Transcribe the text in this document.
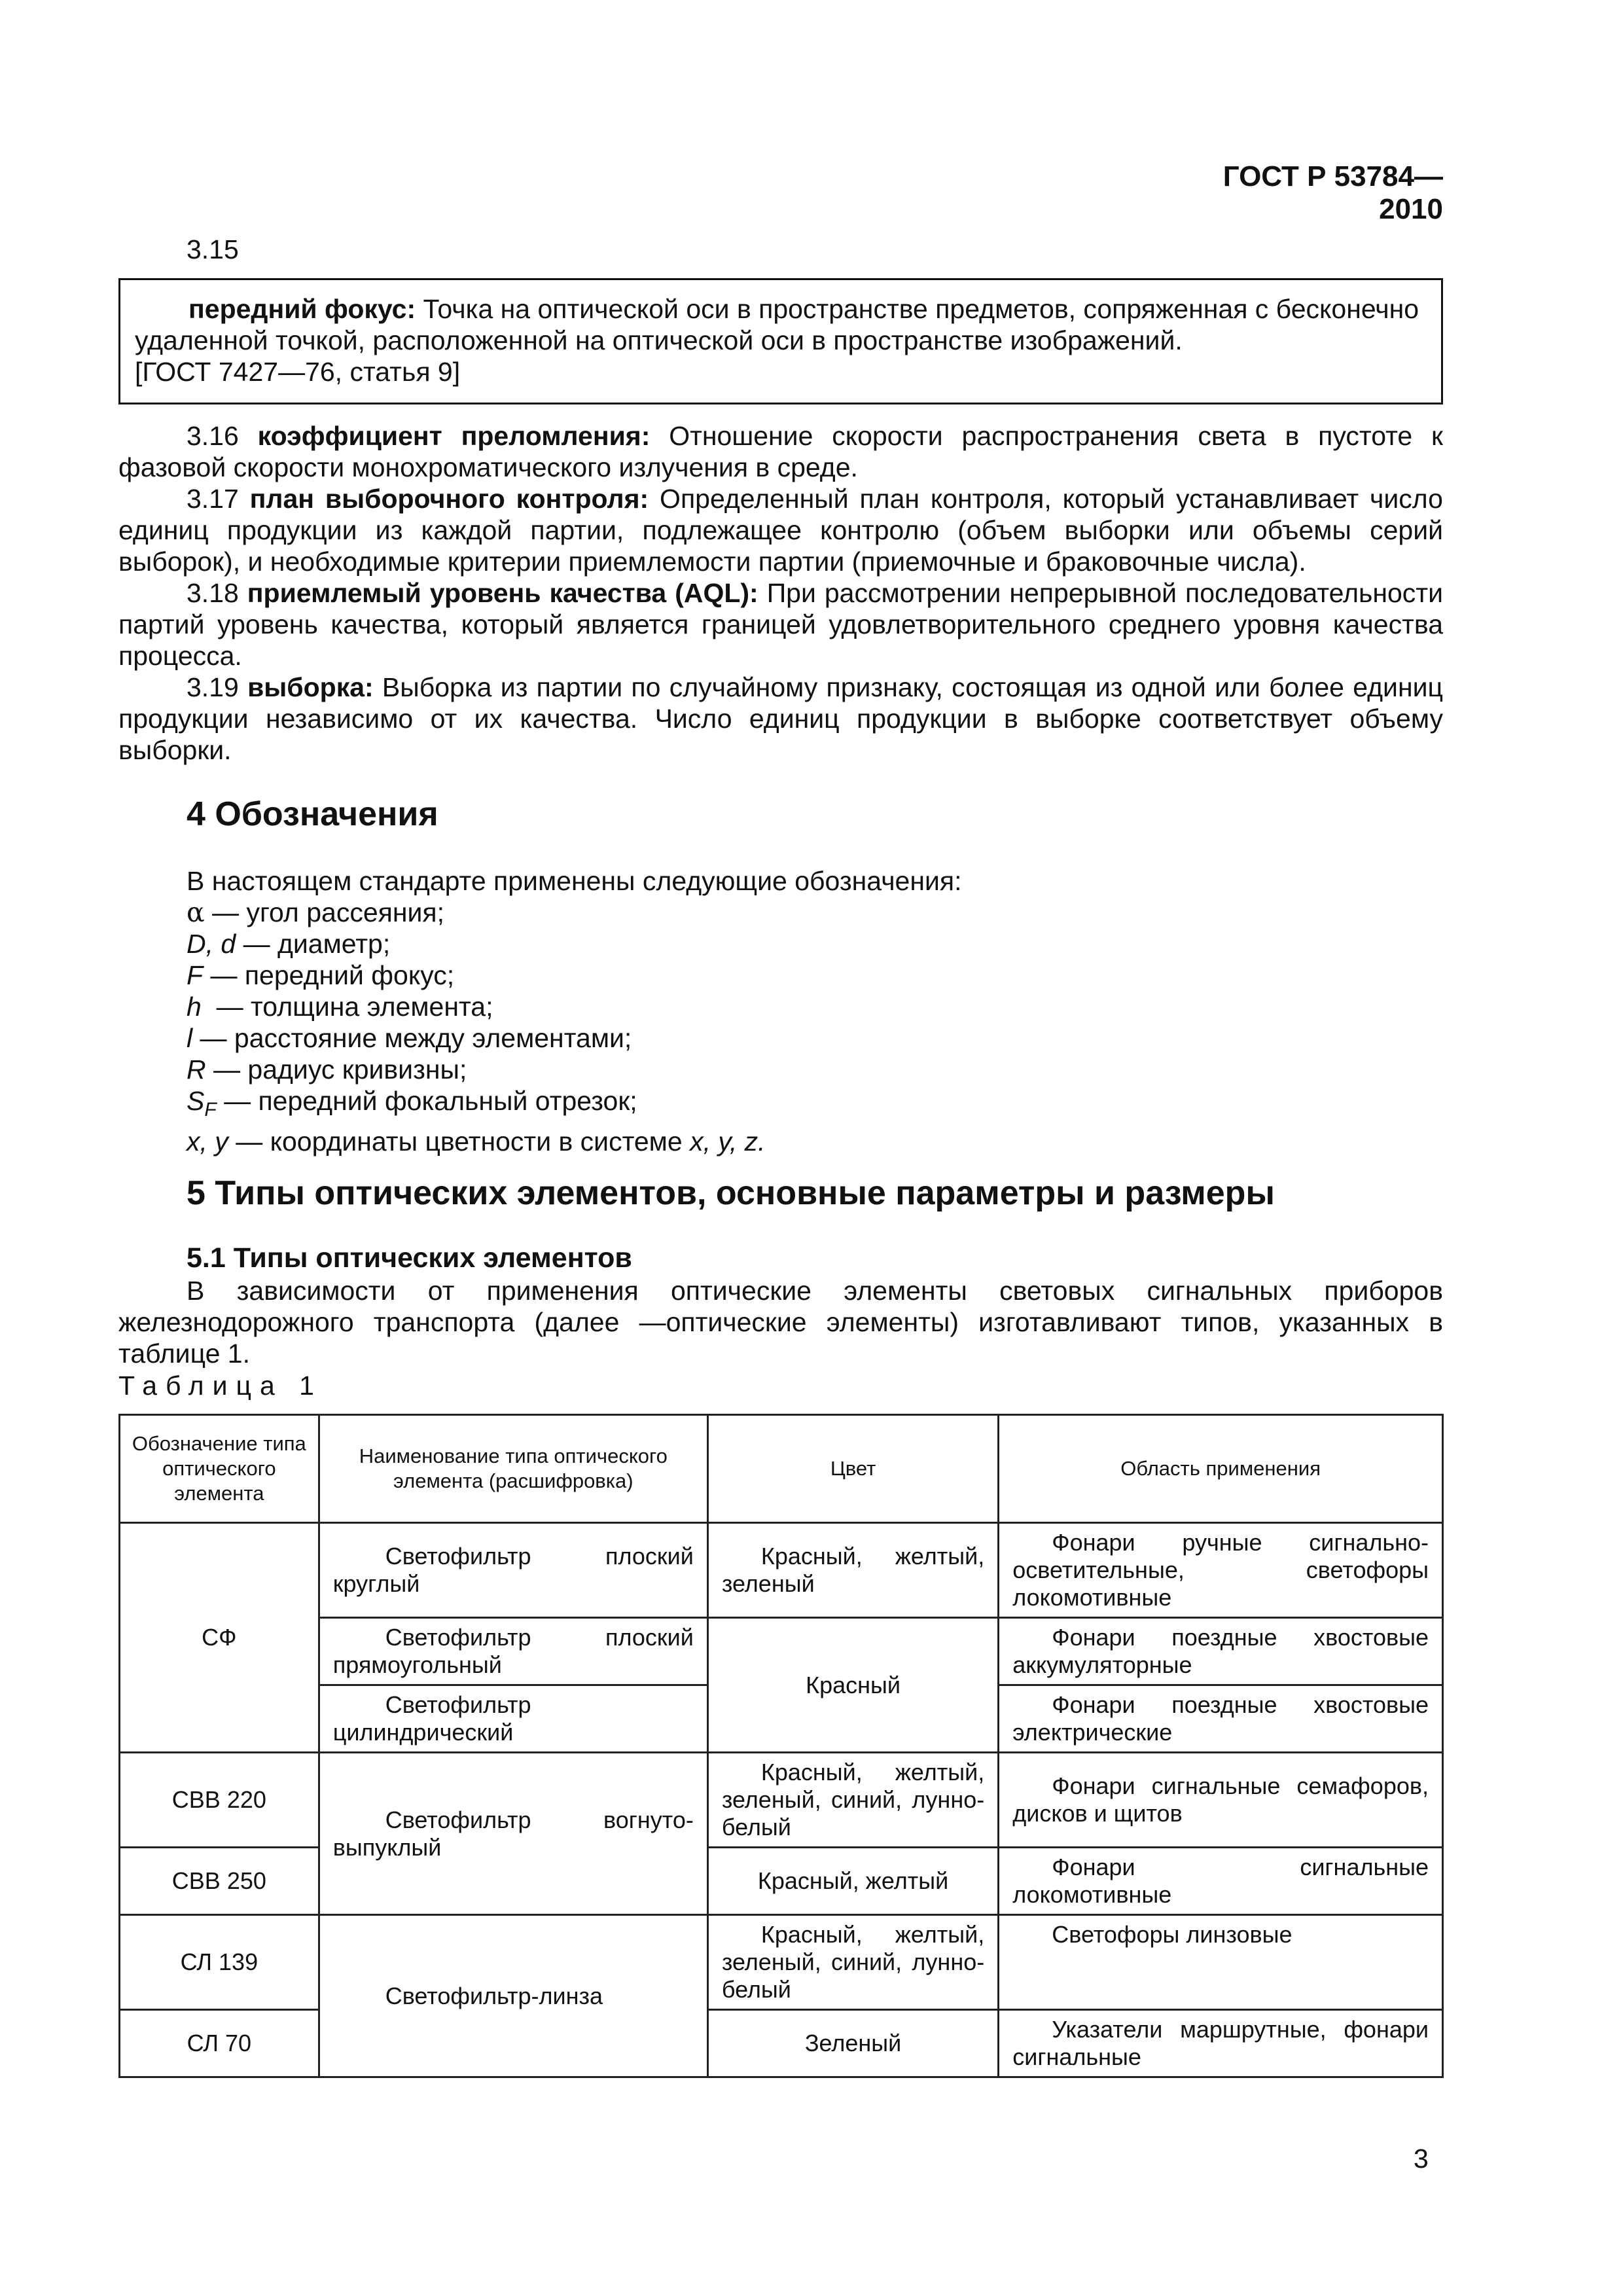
ГОСТ Р 53784—2010
3.15
передний фокус: Точка на оптической оси в пространстве предметов, сопряженная с бесконечно
удаленной точкой, расположенной на оптической оси в пространстве изображений.
[ГОСТ 7427—76, статья 9]

3.16 коэффициент преломления: Отношение скорости распространения света в пустоте к фазовой скорости монохроматического излучения в среде.

3.17 план выборочного контроля: Определенный план контроля, который устанавливает число единиц продукции из каждой партии, подлежащее контролю (объем выборки или объемы серий выборок), и необходимые критерии приемлемости партии (приемочные и браковочные числа).

3.18 приемлемый уровень качества (AQL): При рассмотрении непрерывной последовательности партий уровень качества, который является границей удовлетворительного среднего уровня качества процесса.

3.19 выборка: Выборка из партии по случайному признаку, состоящая из одной или более единиц продукции независимо от их качества. Число единиц продукции в выборке соответствует объему выборки.

4 Обозначения
В настоящем стандарте применены следующие обозначения:
α — угол рассеяния;
D, d — диаметр;
F — передний фокус;
h  — толщина элемента;
l — расстояние между элементами;
R — радиус кривизны;
$S_F$ — передний фокальный отрезок;
x, y — координаты цветности в системе x, y, z.
5 Типы оптических элементов, основные параметры и размеры
5.1 Типы оптических элементов
В зависимости от применения оптические элементы световых сигнальных приборов железнодорожного транспорта (далее —оптические элементы) изготавливают типов, указанных в таблице 1.
Таблица 1
Обозначение типа оптического элемента	Наименование типа оптического элемента (расшифровка)	Цвет	Область применения
СФ	Светофильтр плоский круглый	Красный, желтый, зеленый	Фонари ручные сигнально- осветительные, светофоры локомотивные
	Светофильтр плоский прямоугольный	Красный	Фонари поездные хвостовые аккумуляторные
	Светофильтр цилиндрический		Фонари поездные хвостовые электрические
СВВ 220	Светофильтр вогнуто-выпуклый	Красный, желтый, зеленый, синий, лунно-белый	Фонари сигнальные семафоров, дисков и щитов
СВВ 250		Красный, желтый	Фонари сигнальные локомотивные
СЛ 139	Светофильтр-линза	Красный, желтый, зеленый, синий, лунно-белый	Светофоры линзовые
СЛ 70		Зеленый	Указатели маршрутные, фонари сигнальные
3
